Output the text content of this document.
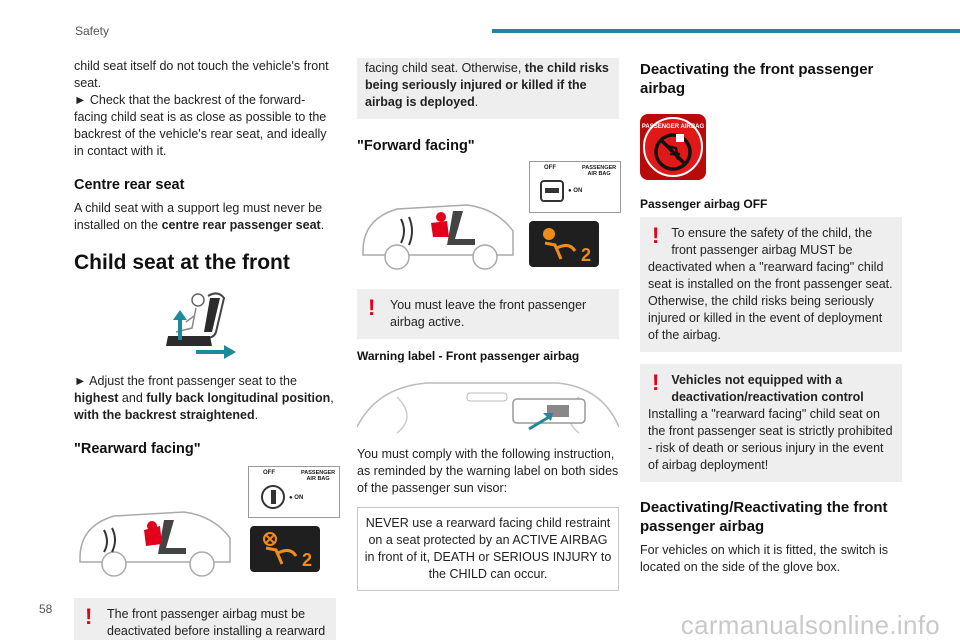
Safety

child seat itself do not touch the vehicle's front seat.

► Check that the backrest of the forward-facing child seat is as close as possible to the backrest of the vehicle's rear seat, and ideally in contact with it.

Centre rear seat

A child seat with a support leg must never be installed on the centre rear passenger seat.

Child seat at the front

► Adjust the front passenger seat to the highest and fully back longitudinal position, with the backrest straightened.

"Rearward facing"
OFF	PASSENGER
AIR BAG
● ON
2
! The front passenger airbag must be deactivated before installing a rearward
facing child seat. Otherwise, the child risks being seriously injured or killed if the airbag is deployed.
"Forward facing"
OFF	PASSENGER
AIR BAG
● ON
2
! You must leave the front passenger airbag active.

Warning label - Front passenger airbag

You must comply with the following instruction, as reminded by the warning label on both sides of the passenger sun visor:

NEVER use a rearward facing child restraint on a seat protected by an ACTIVE AIRBAG in front of it, DEATH or SERIOUS INJURY to the CHILD can occur.
Deactivating the front passenger airbag
PASSENGER AIRBAG

Passenger airbag OFF

! To ensure the safety of the child, the front passenger airbag MUST be deactivated when a "rearward facing" child seat is installed on the front passenger seat. Otherwise, the child risks being seriously injured or killed in the event of deployment of the airbag.
! Vehicles not equipped with a deactivation/reactivation control
Installing a "rearward facing" child seat on the front passenger seat is strictly prohibited - risk of death or serious injury in the event of airbag deployment!
Deactivating/Reactivating the front passenger airbag

For vehicles on which it is fitted, the switch is located on the side of the glove box.

58
carmanualsonline.info
